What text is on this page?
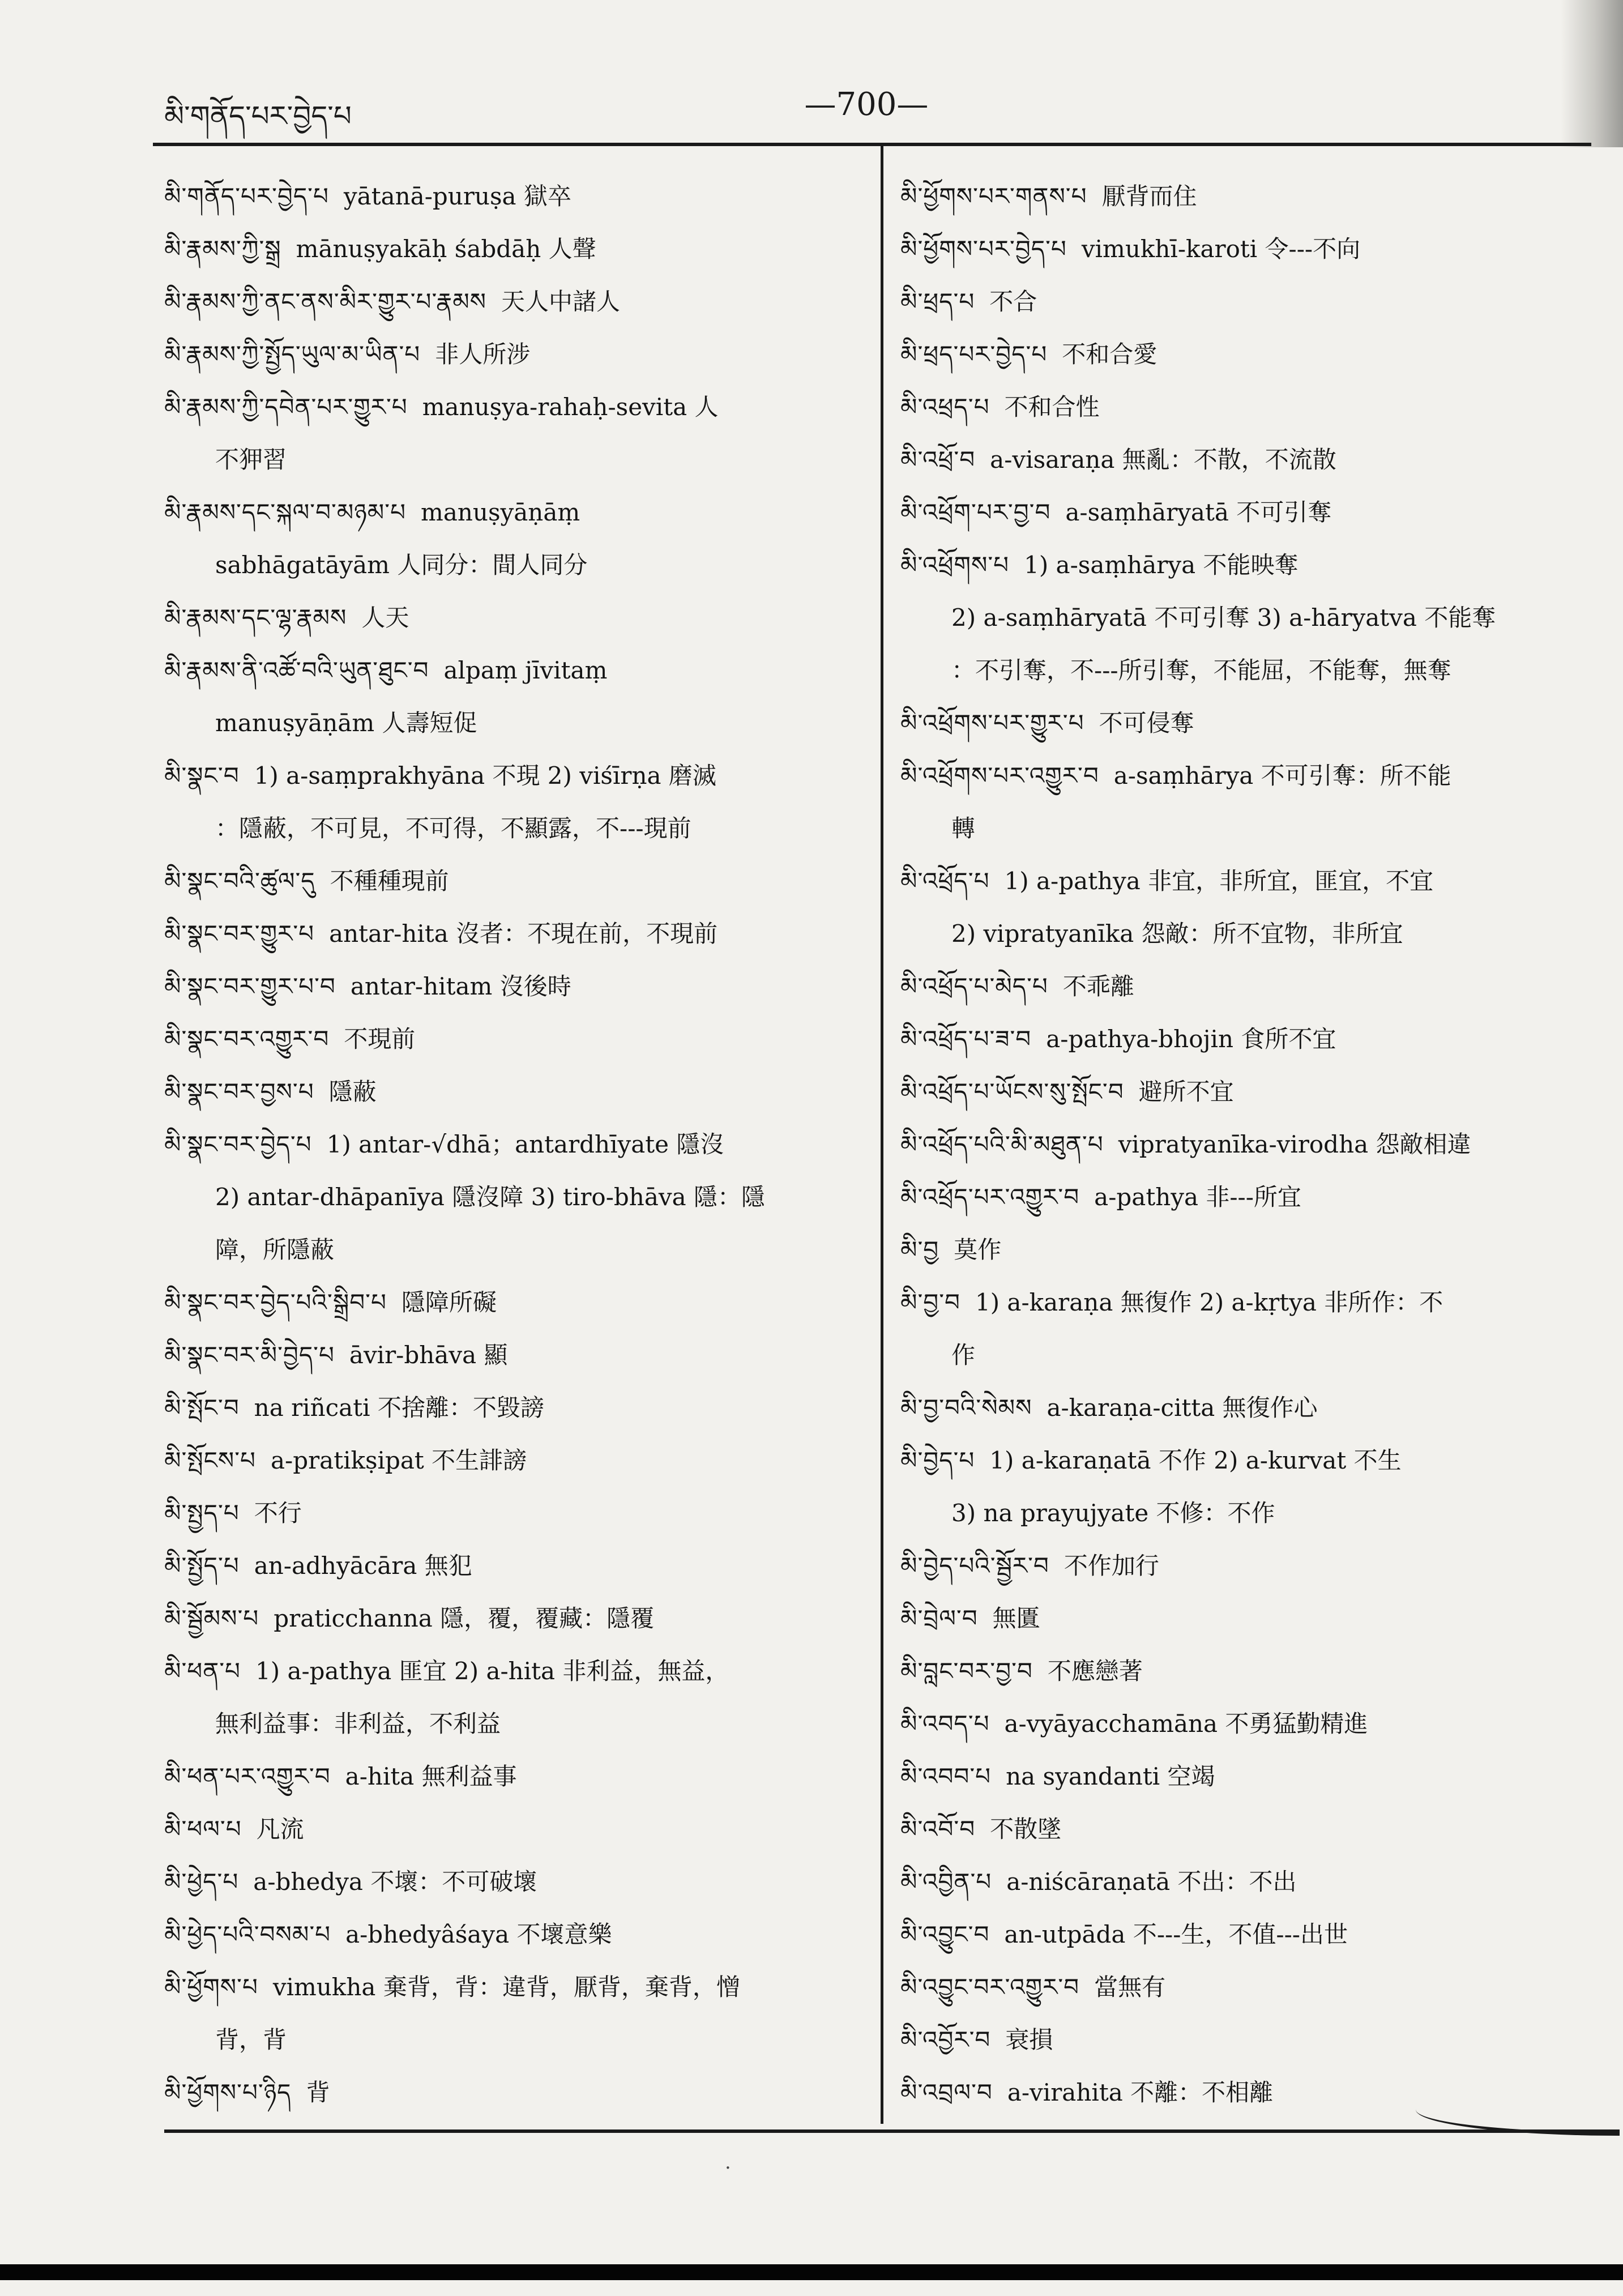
མི་གནོད་པར་བྱེད་པ	—700—
མི་གནོད་པར་བྱེད་པ yātanā-puruṣa 獄卒
མི་རྣམས་ཀྱི་སྒྲ mānuṣyakāḥ śabdāḥ 人聲
མི་རྣམས་ཀྱི་ནང་ནས་མིར་གྱུར་པ་རྣམས 天人中諸人
མི་རྣམས་ཀྱི་སྤྱོད་ཡུལ་མ་ཡིན་པ 非人所涉
མི་རྣམས་ཀྱི་དབེན་པར་གྱུར་པ manuṣya-rahaḥ-sevita 人
不狎習
མི་རྣམས་དང་སྐལ་བ་མཉམ་པ manuṣyāṇāṃ
sabhāgatāyām 人同分：間人同分
མི་རྣམས་དང་ལྷ་རྣམས 人天
མི་རྣམས་ནི་འཚོ་བའི་ཡུན་ཐུང་བ alpaṃ jīvitaṃ
manuṣyāṇām 人壽短促
མི་སྣང་བ 1) a-saṃprakhyāna 不現 2) viśīrṇa 磨滅
：隱蔽，不可見，不可得，不顯露，不---現前
མི་སྣང་བའི་ཚུལ་དུ 不種種現前
མི་སྣང་བར་གྱུར་པ antar-hita 沒者：不現在前，不現前
མི་སྣང་བར་གྱུར་པ་བ antar-hitam 沒後時
མི་སྣང་བར་འགྱུར་བ 不現前
མི་སྣང་བར་བྱས་པ 隱蔽
མི་སྣང་བར་བྱེད་པ 1) antar-√dhā；antardhīyate 隱沒
2) antar-dhāpanīya 隱沒障 3) tiro-bhāva 隱：隱
障，所隱蔽
མི་སྣང་བར་བྱེད་པའི་སྒྲིབ་པ 隱障所礙
མི་སྣང་བར་མི་བྱེད་པ āvir-bhāva 顯
མི་སྤོང་བ na riñcati 不捨離：不毀謗
མི་སྤོངས་པ a-pratikṣipat 不生誹謗
མི་སྤྱད་པ 不行
མི་སྤྱོད་པ an-adhyācāra 無犯
མི་སྦྱོམས་པ praticchanna 隱，覆，覆藏：隱覆
མི་ཕན་པ 1) a-pathya 匪宜 2) a-hita 非利益，無益，
無利益事：非利益，不利益
མི་ཕན་པར་འགྱུར་བ a-hita 無利益事
མི་ཕལ་པ 凡流
མི་ཕྱེད་པ a-bhedya 不壞：不可破壞
མི་ཕྱེད་པའི་བསམ་པ a-bhedyâśaya 不壞意樂
མི་ཕྱོགས་པ vimukha 棄背，背：違背，厭背，棄背，憎
背，背
མི་ཕྱོགས་པ་ཉིད 背
མི་ཕྱོགས་པར་གནས་པ 厭背而住
མི་ཕྱོགས་པར་བྱེད་པ vimukhī-karoti 令---不向
མི་ཕྲད་པ 不合
མི་ཕྲད་པར་བྱེད་པ 不和合愛
མི་འཕྲད་པ 不和合性
མི་འཕྲོ་བ a-visaraṇa 無亂：不散，不流散
མི་འཕྲོག་པར་བྱ་བ a-saṃhāryatā 不可引奪
མི་འཕྲོགས་པ 1) a-saṃhārya 不能映奪
2) a-saṃhāryatā 不可引奪 3) a-hāryatva 不能奪
：不引奪，不---所引奪，不能屈，不能奪，無奪
མི་འཕྲོགས་པར་གྱུར་པ 不可侵奪
མི་འཕྲོགས་པར་འགྱུར་བ a-saṃhārya 不可引奪：所不能
轉
མི་འཕྲོད་པ 1) a-pathya 非宜，非所宜，匪宜，不宜
2) vipratyanīka 怨敵：所不宜物，非所宜
མི་འཕྲོད་པ་མེད་པ 不乖離
མི་འཕྲོད་པ་ཟ་བ a-pathya-bhojin 食所不宜
མི་འཕྲོད་པ་ཡོངས་སུ་སྤོང་བ 避所不宜
མི་འཕྲོད་པའི་མི་མཐུན་པ vipratyanīka-virodha 怨敵相違
མི་འཕྲོད་པར་འགྱུར་བ a-pathya 非---所宜
མི་བྱ 莫作
མི་བྱ་བ 1) a-karaṇa 無復作 2) a-kṛtya 非所作：不
作
མི་བྱ་བའི་སེམས a-karaṇa-citta 無復作心
མི་བྱེད་པ 1) a-karaṇatā 不作 2) a-kurvat 不生
3) na prayujyate 不修：不作
མི་བྱེད་པའི་སྦྱོར་བ 不作加行
མི་བྲེལ་བ 無匱
མི་བླང་བར་བྱ་བ 不應戀著
མི་འབད་པ a-vyāyacchamāna 不勇猛勤精進
མི་འབབ་པ na syandanti 空竭
མི་འབོ་བ 不散墜
མི་འབྱིན་པ a-niścāraṇatā 不出：不出
མི་འབྱུང་བ an-utpāda 不---生，不值---出世
མི་འབྱུང་བར་འགྱུར་བ 當無有
མི་འབྱོར་བ 衰損
མི་འབྲལ་བ a-virahita 不離：不相離
·
